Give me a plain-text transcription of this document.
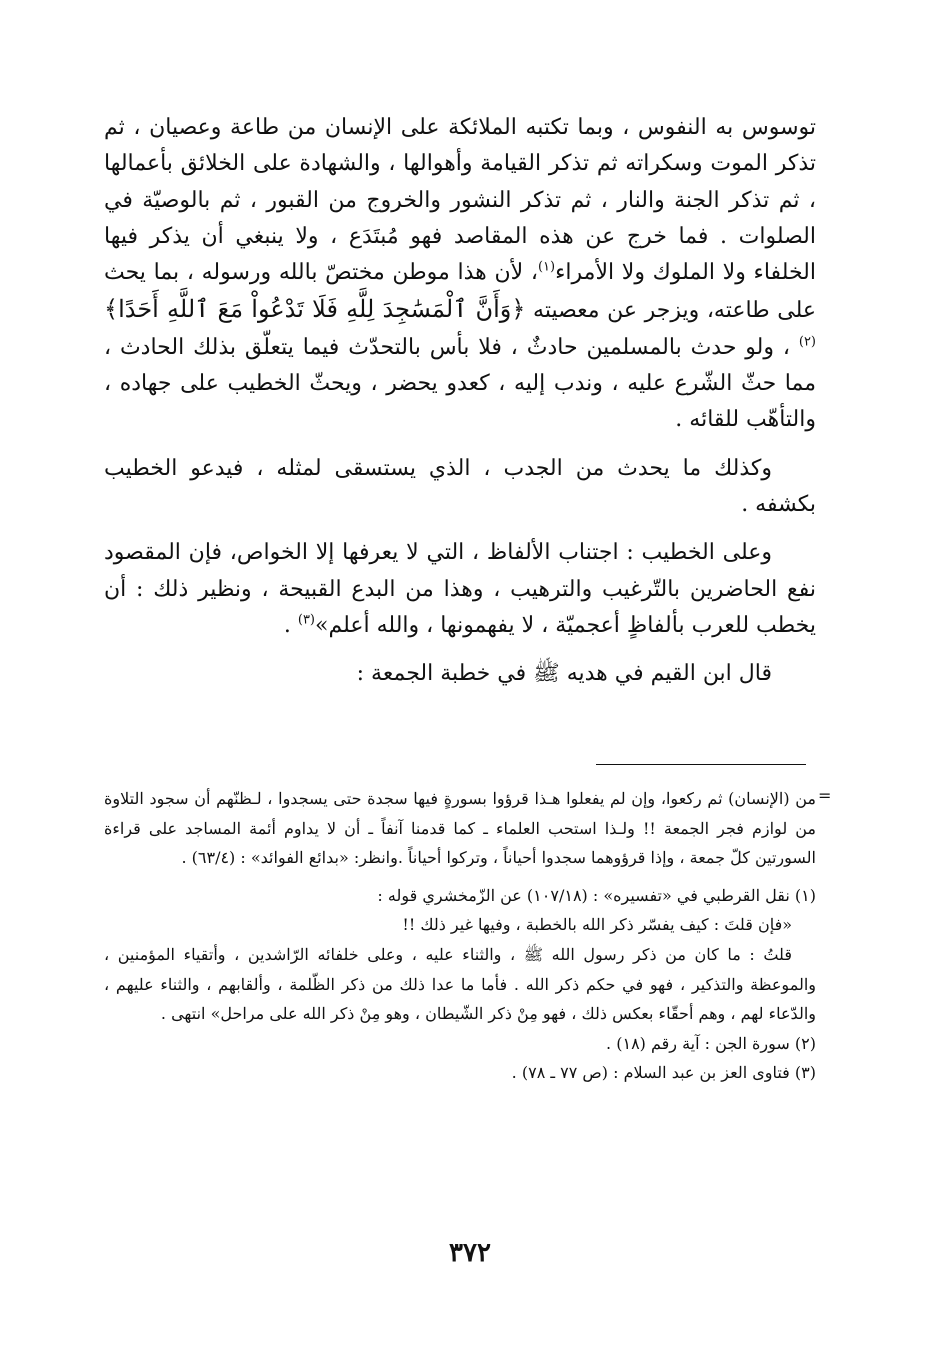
توسوس به النفوس ، وبما تكتبه الملائكة على الإنسان من طاعة وعصيان ، ثم تذكر الموت وسكراته ثم تذكر القيامة وأهوالها ، والشهادة على الخلائق بأعمالها ، ثم تذكر الجنة والنار ، ثم تذكر النشور والخروج من القبور ، ثم بالوصيّة في الصلوات . فما خرج عن هذه المقاصد فهو مُبتَدَع ، ولا ينبغي أن يذكر فيها الخلفاء ولا الملوك ولا الأمراء$^{(١)}$، لأن هذا موطن مختصّ بالله ورسوله ، بما يحث على طاعته، ويزجر عن معصيته ﴿وَأَنَّ ٱلْمَسَٰجِدَ لِلَّهِ فَلَا تَدْعُواْ مَعَ ٱللَّهِ أَحَدًا﴾$^{(٢)}$ ، ولو حدث بالمسلمين حادثٌ ، فلا بأس بالتحدّث فيما يتعلّق بذلك الحادث ، مما حثّ الشّرع عليه ، وندب إليه ، كعدو يحضر ، ويحثّ الخطيب على جهاده ، والتأهّب للقائه .

وكذلك ما يحدث من الجدب ، الذي يستسقى لمثله ، فيدعو الخطيب بكشفه .

وعلى الخطيب : اجتناب الألفاظ ، التي لا يعرفها إلا الخواص، فإن المقصود نفع الحاضرين بالتّرغيب والترهيب ، وهذا من البدع القبيحة ، ونظير ذلك : أن يخطب للعرب بألفاظٍ أعجميّة ، لا يفهمونها ، والله أعلم»$^{(٣)}$ .

قال ابن القيم في هديه ﷺ في خطبة الجمعة :

=

من (الإنسان) ثم ركعوا، وإن لم يفعلوا هـذا قرؤوا بسورةٍ فيها سجدة حتى يسجدوا ، لـظنّهم أن سجود التلاوة من لوازم فجر الجمعة !! ولـذا استحب العلماء ـ كما قدمنا آنفاً ـ أن لا يداوم أئمة المساجد على قراءة السورتين كلّ جمعة ، وإذا قرؤوهما سجدوا أحياناً ، وتركوا أحياناً .وانظر: «بدائع الفوائد» : (٦٣/٤) .

(١) نقل القرطبي في «تفسيره» : (١٠٧/١٨) عن الزّمخشري قوله :

«فإن قلتَ : كيف يفسّر ذكر الله بالخطبة ، وفيها غير ذلك !!

قلتُ : ما كان من ذكر رسول الله ﷺ ، والثناء عليه ، وعلى خلفائه الرّاشدين ، وأتقياء المؤمنين ، والموعظة والتذكير ، فهو في حكم ذكر الله . فأما ما عدا ذلك من ذكر الظّلمة ، وألقابهم ، والثناء عليهم ، والدّعاء لهم ، وهم أحقّاء بعكس ذلك ، فهو مِنْ ذكر الشّيطان ، وهو مِنْ ذكر الله على مراحل» انتهى .

(٢) سورة الجن : آية رقم (١٨) .

(٣) فتاوى العز بن عبد السلام : (ص ٧٧ ـ ٧٨) .

٣٧٢
